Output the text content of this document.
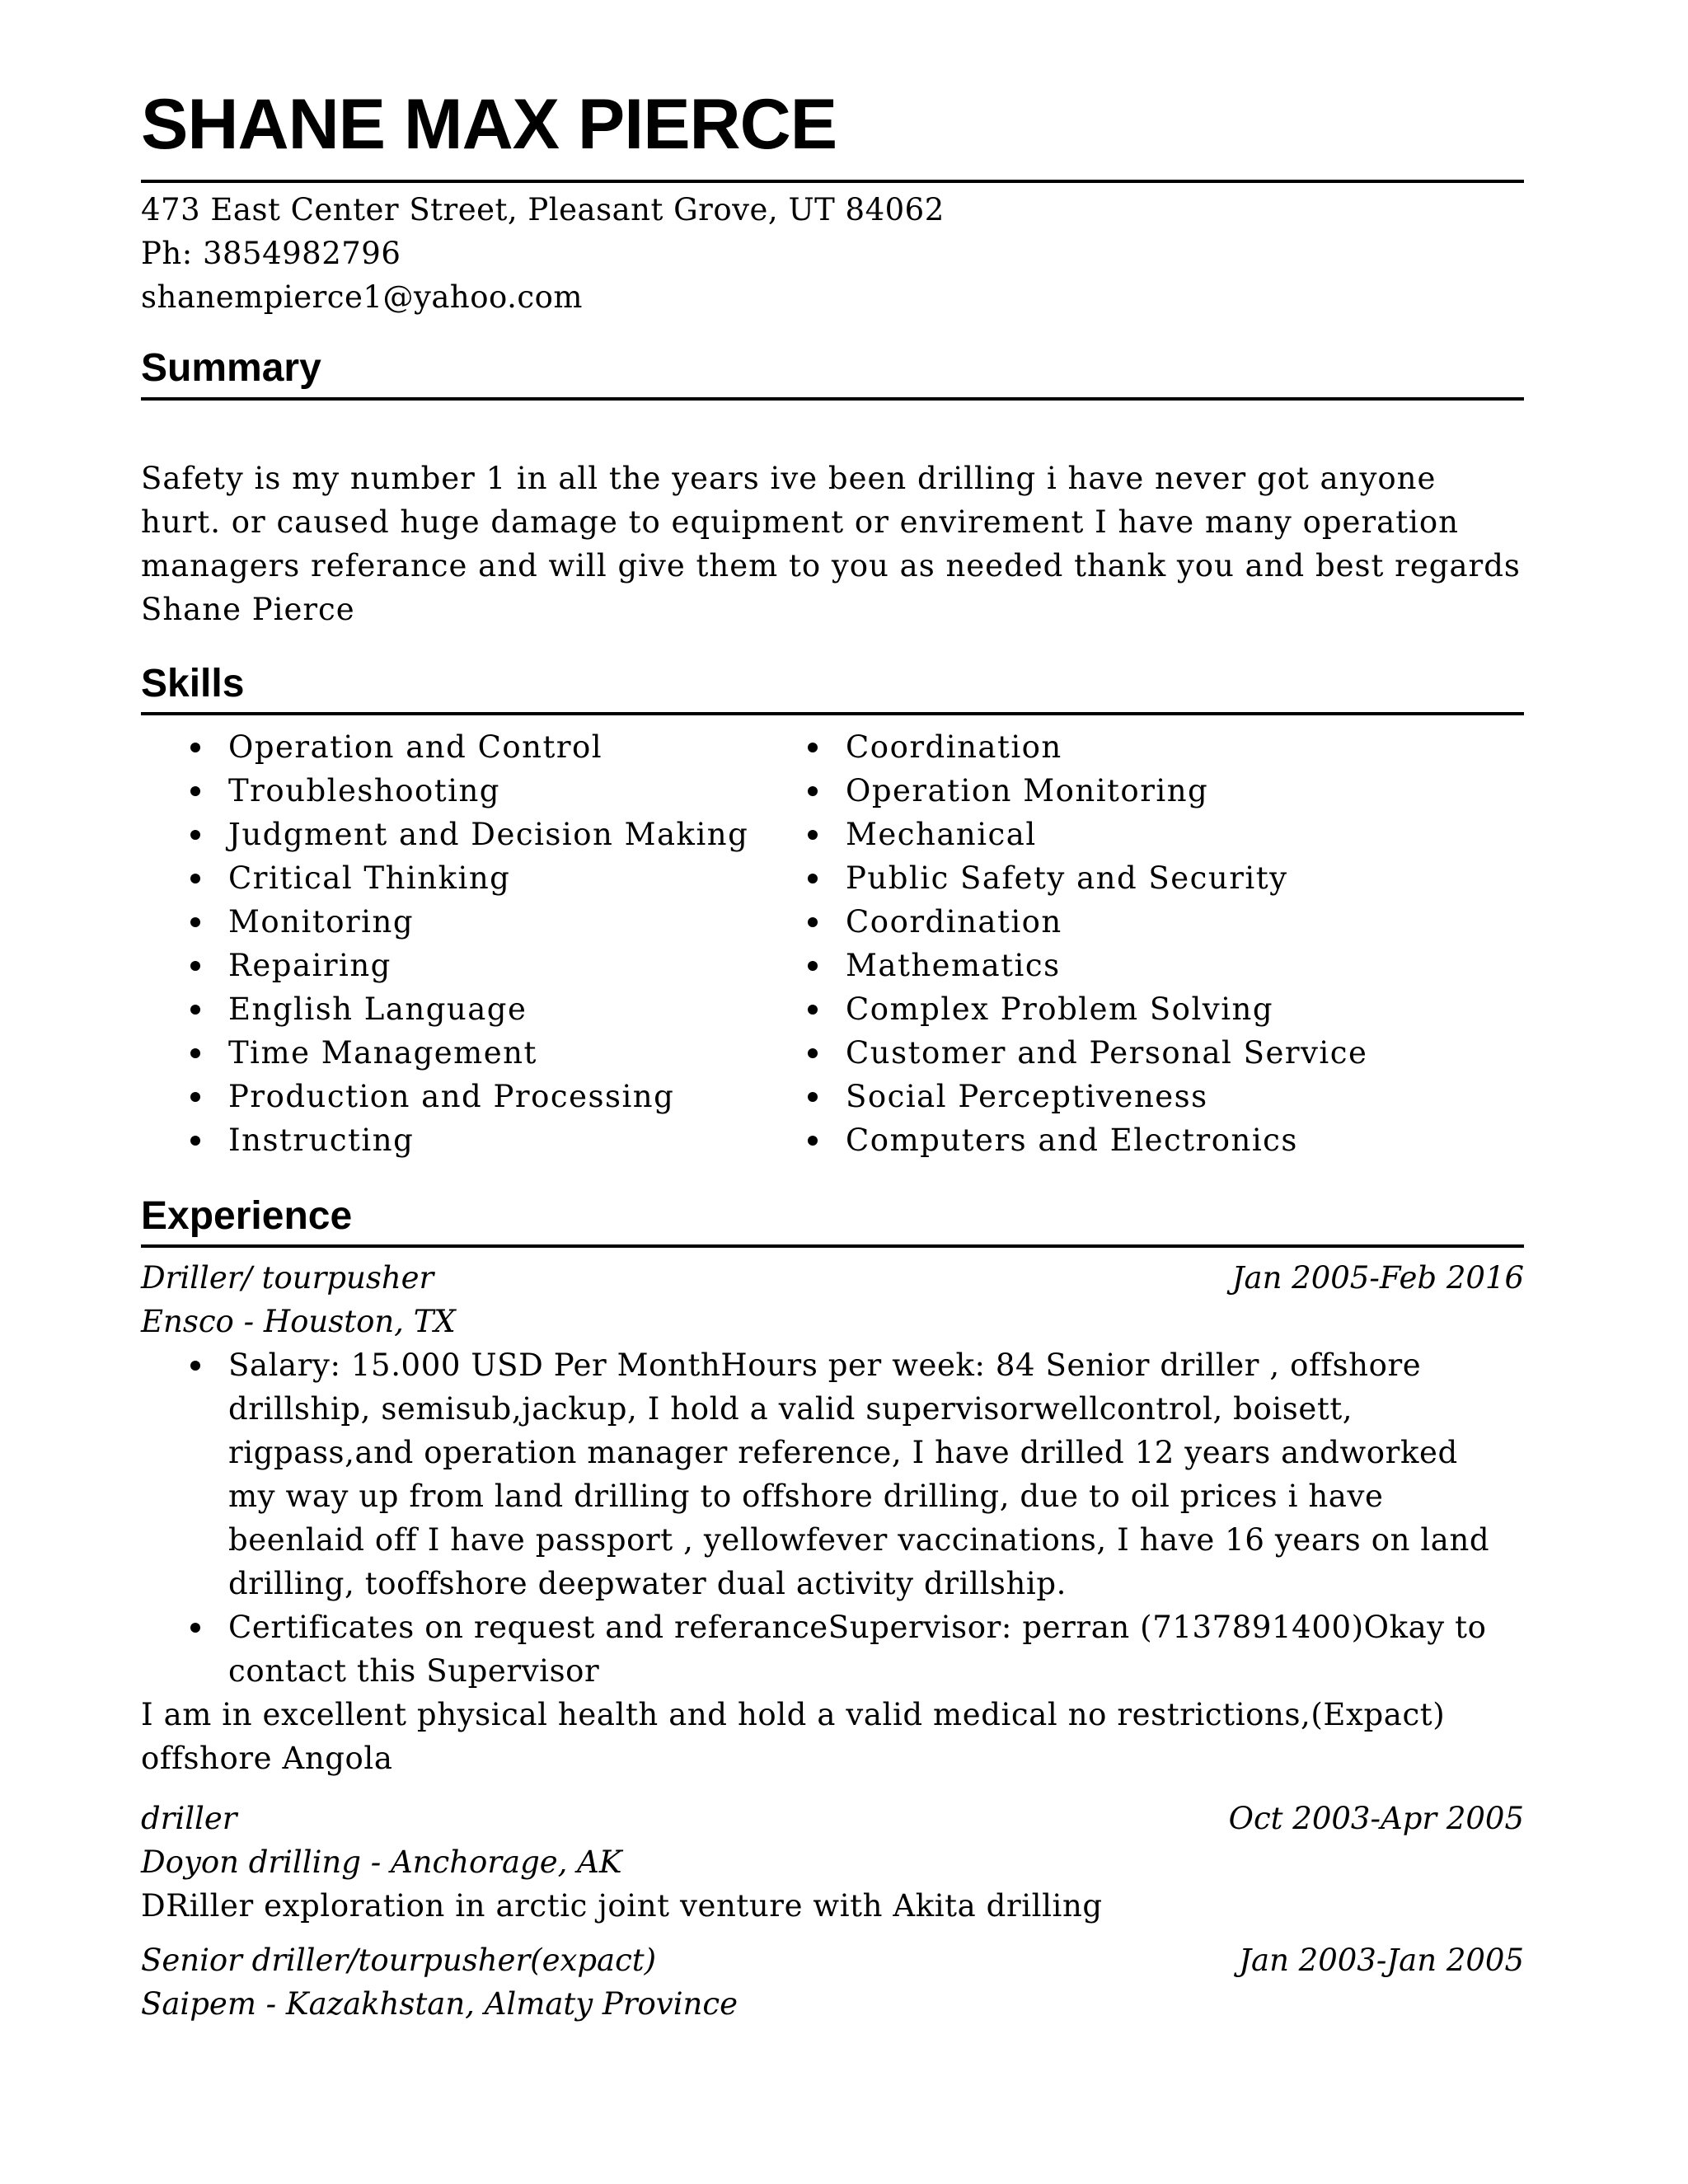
SHANE MAX PIERCE
473 East Center Street, Pleasant Grove, UT 84062
Ph: 3854982796
shanempierce1@yahoo.com
Summary
Safety is my number 1 in all the years ive been drilling i have never got anyone
hurt. or caused huge damage to equipment or envirement I have many operation
managers referance and will give them to you as needed thank you and best regards
Shane Pierce
Skills
Operation and Control
Troubleshooting
Judgment and Decision Making
Critical Thinking
Monitoring
Repairing
English Language
Time Management
Production and Processing
Instructing
Coordination
Operation Monitoring
Mechanical
Public Safety and Security
Coordination
Mathematics
Complex Problem Solving
Customer and Personal Service
Social Perceptiveness
Computers and Electronics
Experience
Driller/ tourpusher	Jan 2005-Feb 2016
Ensco - Houston, TX
Salary: 15.000 USD Per MonthHours per week: 84 Senior driller , offshore
drillship, semisub,jackup, I hold a valid supervisorwellcontrol, boisett,
rigpass,and operation manager reference, I have drilled 12 years andworked
my way up from land drilling to offshore drilling, due to oil prices i have
beenlaid off I have passport , yellowfever vaccinations, I have 16 years on land
drilling, tooffshore deepwater dual activity drillship.
Certificates on request and referanceSupervisor: perran (7137891400)Okay to
contact this Supervisor
I am in excellent physical health and hold a valid medical no restrictions,(Expact)
offshore Angola
driller	Oct 2003-Apr 2005
Doyon drilling - Anchorage, AK
DRiller exploration in arctic joint venture with Akita drilling
Senior driller/tourpusher(expact)	Jan 2003-Jan 2005
Saipem - Kazakhstan, Almaty Province
